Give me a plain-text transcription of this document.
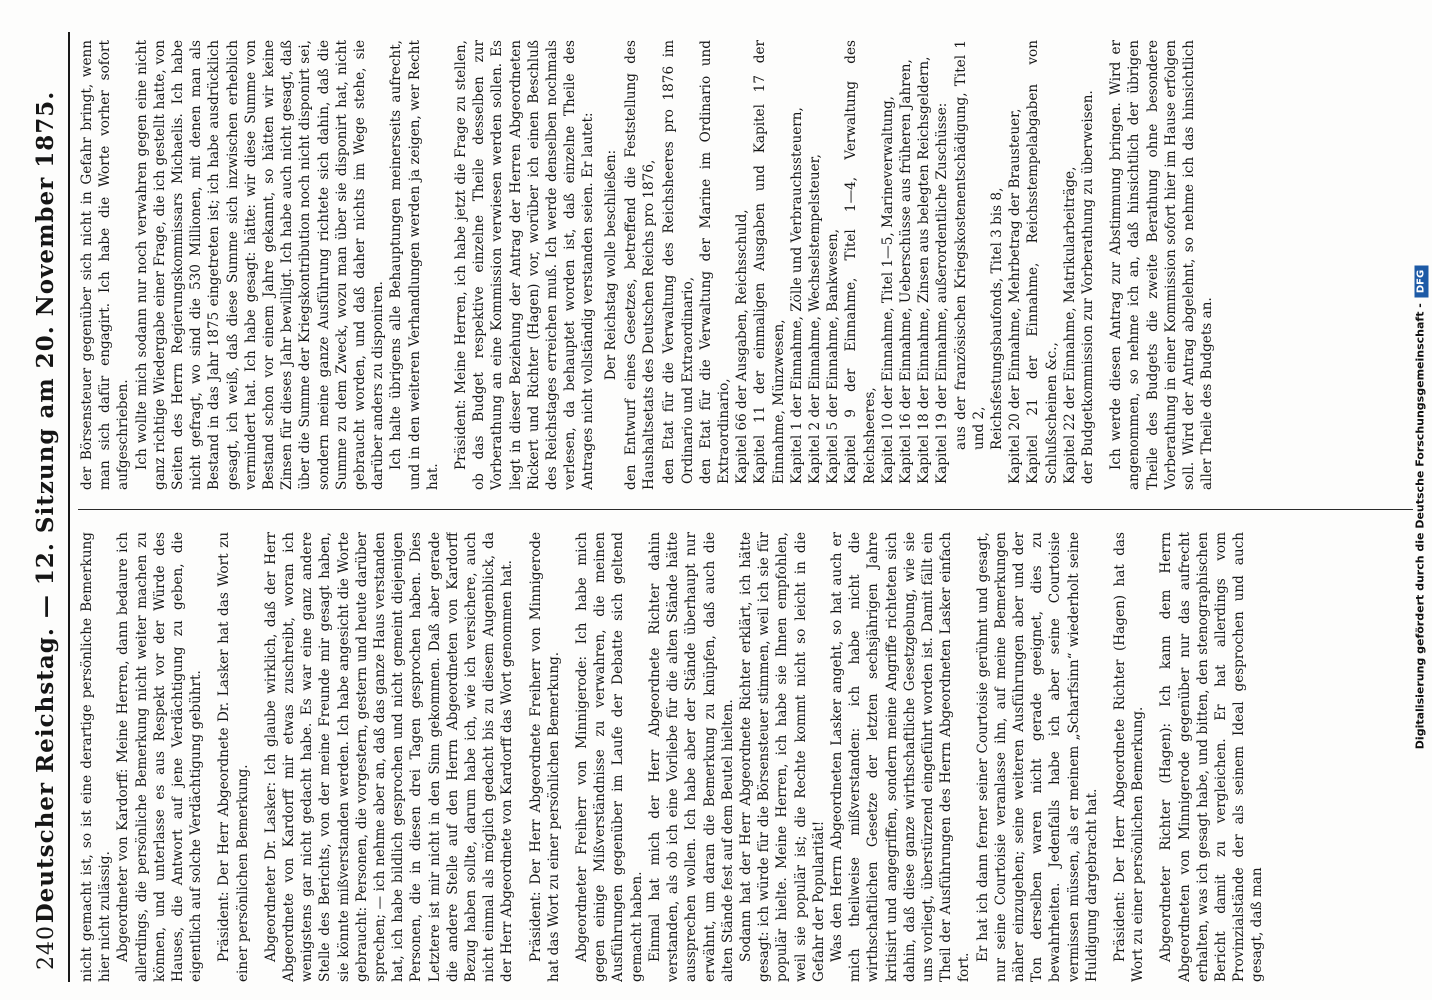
240
Deutscher Reichstag. — 12. Sitzung am 20. November 1875. nicht gemacht ist, so ist eine derartige persönliche Bemerkung hier nicht zulässig. Abgeordneter von Kardorff: Meine Herren, dann bedaure ich allerdings, die persönliche Bemerkung nicht weiter machen zu können, und unterlasse es aus Respekt vor der Würde des Hauses, die Antwort auf jene Verdächtigung zu geben, die eigentlich auf solche Verdächtigung gebührt. Präsident: Der Herr Abgeordnete Dr. Lasker hat das Wort zu einer persönlichen Bemerkung. Abgeordneter Dr. Lasker: Ich glaube wirklich, daß der Herr Abgeordnete von Kardorff mir etwas zuschreibt, woran ich wenigstens gar nicht gedacht habe. Es war eine ganz andere Stelle des Berichts, von der meine Freunde mir gesagt haben, sie könnte mißverstanden werden. Ich habe angesicht die Worte gebraucht: Personen, die vorgestern, gestern und heute darüber sprechen; — ich nehme aber an, daß das ganze Haus verstanden hat, ich habe bildlich gesprochen und nicht gemeint diejenigen Personen, die in diesen drei Tagen gesprochen haben. Dies Letztere ist mir nicht in den Sinn gekommen. Daß aber gerade die andere Stelle auf den Herrn Abgeordneten von Kardorff Bezug haben sollte, darum habe ich, wie ich versichere, auch nicht einmal als möglich gedacht bis zu diesem Augenblick, da der Herr Abgeordnete von Kardorff das Wort genommen hat. Präsident: Der Herr Abgeordnete Freiherr von Minnigerode hat das Wort zu einer persönlichen Bemerkung. Abgeordneter Freiherr von Minnigerode: Ich habe mich gegen einige Mißverständnisse zu verwahren, die meinen Ausführungen gegenüber im Laufe der Debatte sich geltend gemacht haben. Einmal hat mich der Herr Abgeordnete Richter dahin verstanden, als ob ich eine Vorliebe für die alten Stände hätte aussprechen wollen. Ich habe aber der Stände überhaupt nur erwähnt, um daran die Bemerkung zu knüpfen, daß auch die alten Stände fest auf dem Beutel hielten. Sodann hat der Herr Abgeordnete Richter erklärt, ich hätte gesagt: ich würde für die Börsensteuer stimmen, weil ich sie für populär hielte. Meine Herren, ich habe sie Ihnen empfohlen, weil sie populär ist; die Rechte kommt nicht so leicht in die Gefahr der Popularität! Was den Herrn Abgeordneten Lasker angeht, so hat auch er mich theilweise mißverstanden: ich habe nicht die wirthschaftlichen Gesetze der letzten sechsjährigen Jahre kritisirt und angegriffen, sondern meine Angriffe richteten sich dahin, daß diese ganze wirthschaftliche Gesetzgebung, wie sie uns vorliegt, überstürzend eingeführt worden ist. Damit fällt ein Theil der Ausführungen des Herrn Abgeordneten Lasker einfach fort.

Er hat ich dann ferner seiner Courtoisie gerühmt und gesagt, nur seine Courtoisie veranlasse ihn, auf meine Bemerkungen näher einzugehen; seine weiteren Ausführungen aber und der Ton derselben waren nicht gerade geeignet, dies zu bewahrheiten. Jedenfalls habe ich aber seine Courtoisie vermissen müssen, als er meinem „Scharfsinn“ wiederholt seine Huldigung dargebracht hat. Präsident: Der Herr Abgeordnete Richter (Hagen) hat das Wort zu einer persönlichen Bemerkung. Abgeordneter Richter (Hagen): Ich kann dem Herrn Abgeordneten von Minnigerode gegenüber nur das aufrecht erhalten, was ich gesagt habe, und bitten, den stenographischen Bericht damit zu vergleichen. Er hat allerdings vom Provinzialstände der als seinem Ideal gesprochen und auch gesagt, daß man

der Börsensteuer gegenüber sich nicht in Gefahr bringt, wenn man sich dafür engagirt. Ich habe die Worte vorher sofort aufgeschrieben. Ich wollte mich sodann nur noch verwahren gegen eine nicht ganz richtige Wiedergabe einer Frage, die ich gestellt hatte, von Seiten des Herrn Regierungskommissars Michaelis. Ich habe nicht gefragt, wo sind die 530 Millionen, mit denen man als Bestand in das Jahr 1875 eingetreten ist; ich habe ausdrücklich gesagt, ich weiß, daß diese Summe sich inzwischen erheblich vermindert hat. Ich habe gesagt: hätte: wir diese Summe von Bestand schon vor einem Jahre gekannt, so hätten wir keine Zinsen für dieses Jahr bewilligt. Ich habe auch nicht gesagt, daß über die Summe der Kriegskontribution noch nicht disponirt sei, sondern meine ganze Ausführung richtete sich dahin, daß die Summe zu dem Zweck, wozu man über sie disponirt hat, nicht gebraucht worden, und daß daher nichts im Wege stehe, sie darüber anders zu disponiren. Ich halte übrigens alle Behauptungen meinerseits aufrecht, und in den weiteren Verhandlungen werden ja zeigen, wer Recht hat.

Präsident: Meine Herren, ich habe jetzt die Frage zu stellen, ob das Budget respektive einzelne Theile desselben zur Vorberathung an eine Kommission verwiesen werden sollen. Es liegt in dieser Beziehung der Antrag der Herren Abgeordneten Rickert und Richter (Hagen) vor, worüber ich einen Beschluß des Reichstages erreichen muß. Ich werde denselben nochmals verlesen, da behauptet worden ist, daß einzelne Theile des Antrages nicht vollständig verstanden seien. Er lautet: Der Reichstag wolle beschließen: den Entwurf eines Gesetzes, betreffend die Feststellung des Haushaltsetats des Deutschen Reichs pro 1876, den Etat für die Verwaltung des Reichsheeres pro 1876 im Ordinario und Extraordinario, den Etat für die Verwaltung der Marine im Ordinario und Extraordinario, Kapitel 66 der Ausgaben, Reichsschuld, Kapitel 11 der einmaligen Ausgaben und Kapitel 17 der Einnahme, Münzwesen, Kapitel 1 der Einnahme, Zölle und Verbrauchssteuern, Kapitel 2 der Einnahme, Wechselstempelsteuer, Kapitel 5 der Einnahme, Bankwesen, Kapitel 9 der Einnahme, Titel 1—4, Verwaltung des Reichsheeres, Kapitel 10 der Einnahme, Titel 1—5, Marineverwaltung, Kapitel 16 der Einnahme, Ueberschüsse aus früheren Jahren, Kapitel 18 der Einnahme, Zinsen aus belegten Reichsgeldern, Kapitel 19 der Einnahme, außerordentliche Zuschüsse: aus der französischen Kriegskostenentschädigung, Titel 1 und 2, Reichsfestungsbaufonds, Titel 3 bis 8, Kapitel 20 der Einnahme, Mehrbetrag der Brausteuer, Kapitel 21 der Einnahme, Reichsstempelabgaben von Schlußscheinen &c., Kapitel 22 der Einnahme, Matrikularbeiträge, der Budgetkommission zur Vorberathung zu überweisen. Ich werde diesen Antrag zur Abstimmung bringen. Wird er angenommen, so nehme ich an, daß hinsichtlich der übrigen Theile des Budgets die zweite Berathung ohne besondere Vorberathung in einer Kommission sofort hier im Hause erfolgen soll. Wird der Antrag abgelehnt, so nehme ich das hinsichtlich aller Theile des Budgets an.	Digitalisierung gefördert durch die Deutsche Forschungsgemeinschaft -DFG
